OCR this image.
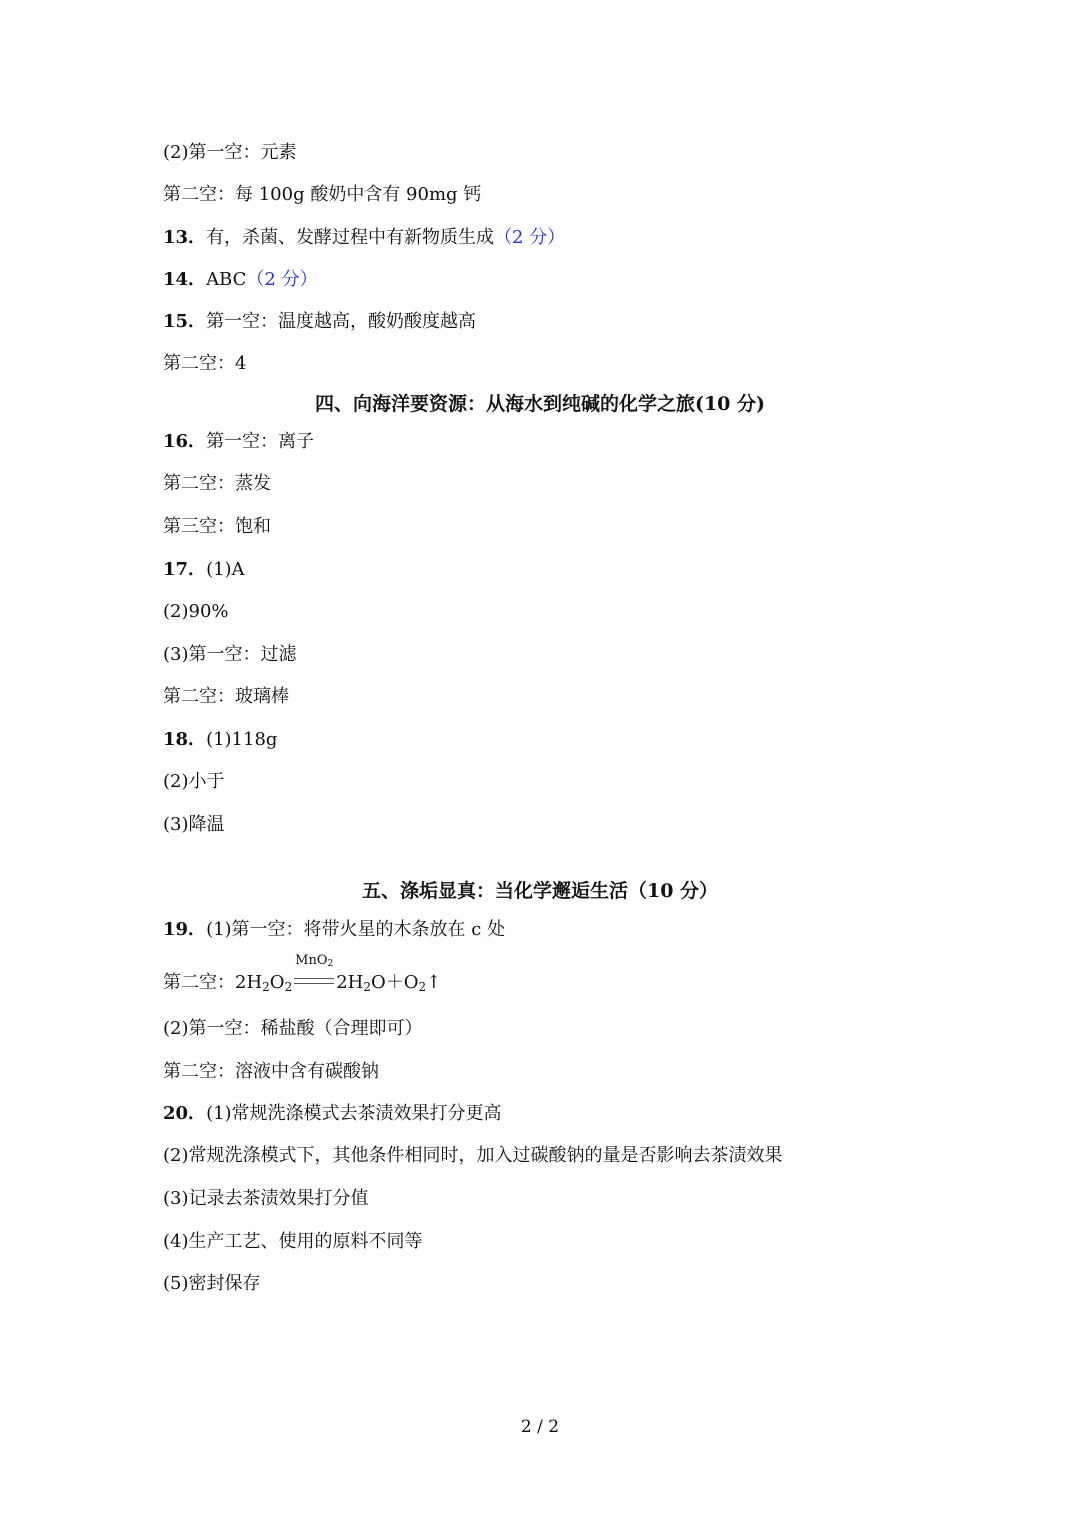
(2)第一空：元素
第二空：每 100g 酸奶中含有 90mg 钙
13．有，杀菌、发酵过程中有新物质生成（2 分）
14．ABC（2 分）
15．第一空：温度越高，酸奶酸度越高
第二空：4
四、向海洋要资源：从海水到纯碱的化学之旅(10 分)
16．第一空：离子
第二空：蒸发
第三空：饱和
17．(1)A
(2)90%
(3)第一空：过滤
第二空：玻璃棒
18．(1)118g
(2)小于
(3)降温
五、涤垢显真：当化学邂逅生活（10 分）
19．(1)第一空：将带火星的木条放在 c 处
第二空：$2H_2O_2$
MnO$_2$
$2H_2O+O_2↑$
(2)第一空：稀盐酸（合理即可）
第二空：溶液中含有碳酸钠
20．(1)常规洗涤模式去茶渍效果打分更高
(2)常规洗涤模式下，其他条件相同时，加入过碳酸钠的量是否影响去茶渍效果
(3)记录去茶渍效果打分值
(4)生产工艺、使用的原料不同等
(5)密封保存
2 / 2
